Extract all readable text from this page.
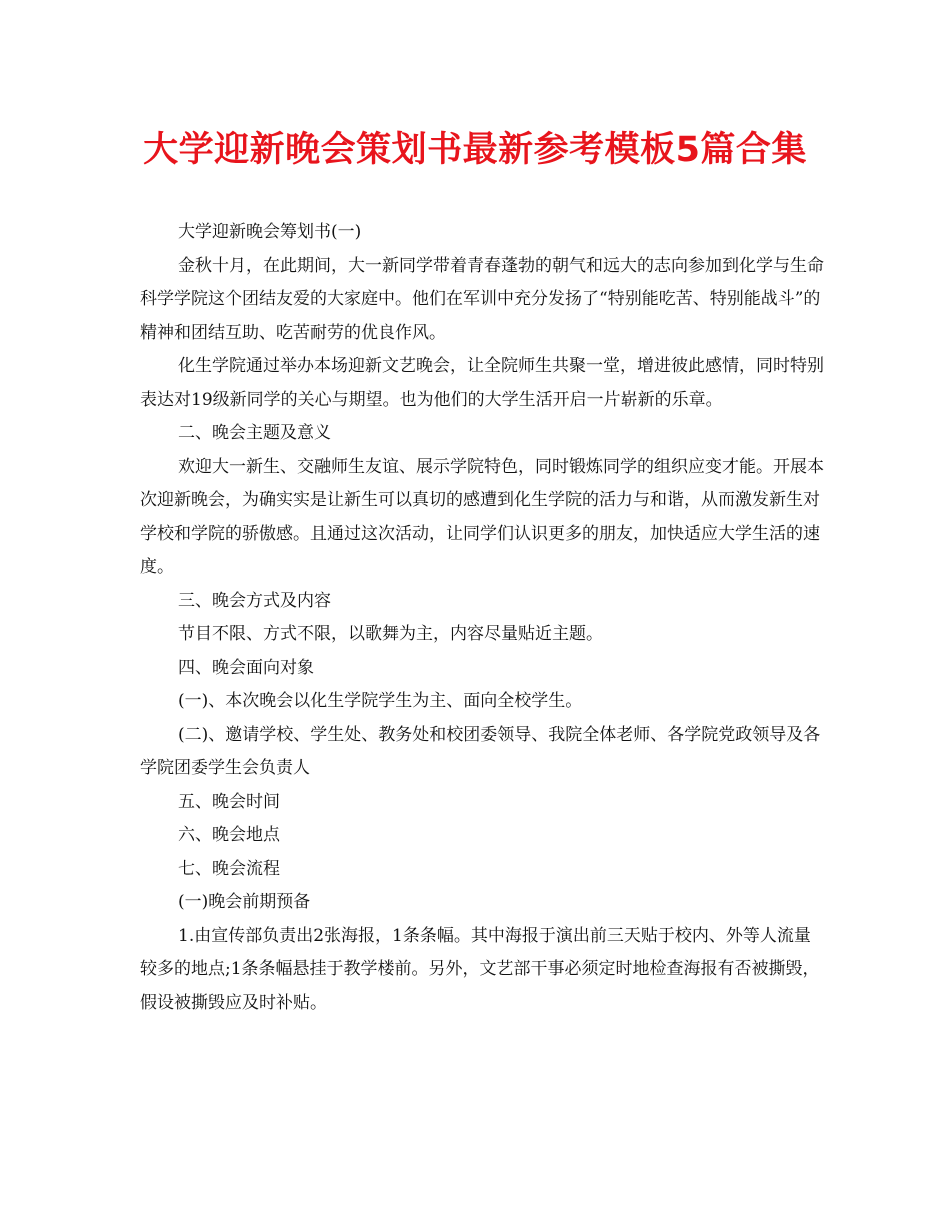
大学迎新晚会策划书最新参考模板5篇合集

大学迎新晚会筹划书(一)

金秋十月，在此期间，大一新同学带着青春蓬勃的朝气和远大的志向参加到化学与生命科学学院这个团结友爱的大家庭中。他们在军训中充分发扬了“特别能吃苦、特别能战斗”的精神和团结互助、吃苦耐劳的优良作风。

化生学院通过举办本场迎新文艺晚会，让全院师生共聚一堂，增进彼此感情，同时特别表达对19级新同学的关心与期望。也为他们的大学生活开启一片崭新的乐章。

二、晚会主题及意义

欢迎大一新生、交融师生友谊、展示学院特色，同时锻炼同学的组织应变才能。开展本次迎新晚会，为确实实是让新生可以真切的感遭到化生学院的活力与和谐，从而激发新生对学校和学院的骄傲感。且通过这次活动，让同学们认识更多的朋友，加快适应大学生活的速度。

三、晚会方式及内容

节目不限、方式不限，以歌舞为主，内容尽量贴近主题。

四、晚会面向对象

(一)、本次晚会以化生学院学生为主、面向全校学生。

(二)、邀请学校、学生处、教务处和校团委领导、我院全体老师、各学院党政领导及各学院团委学生会负责人

五、晚会时间

六、晚会地点

七、晚会流程

(一)晚会前期预备

1.由宣传部负责出2张海报，1条条幅。其中海报于演出前三天贴于校内、外等人流量较多的地点;1条条幅悬挂于教学楼前。另外，文艺部干事必须定时地检查海报有否被撕毁，假设被撕毁应及时补贴。
